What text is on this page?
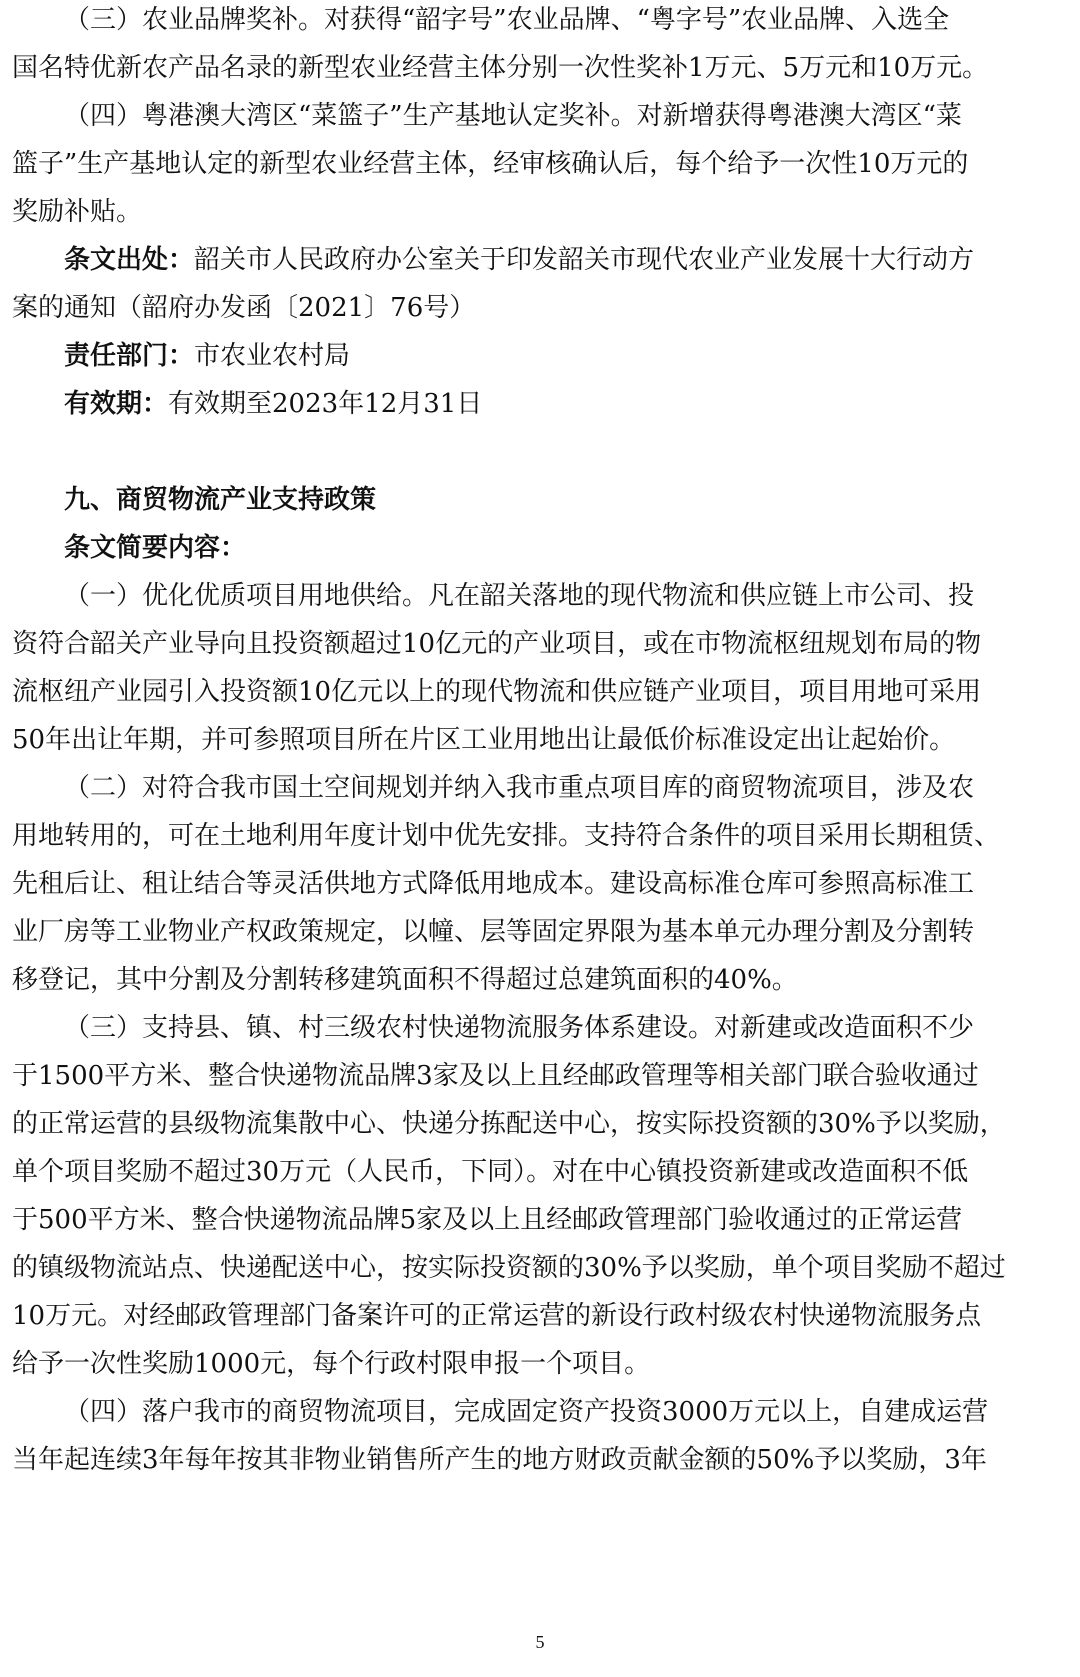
（三）农业品牌奖补。对获得“韶字号”农业品牌、“粤字号”农业品牌、入选全
国名特优新农产品名录的新型农业经营主体分别一次性奖补1万元、5万元和10万元。
（四）粤港澳大湾区“菜篮子”生产基地认定奖补。对新增获得粤港澳大湾区“菜
篮子”生产基地认定的新型农业经营主体，经审核确认后，每个给予一次性10万元的
奖励补贴。
条文出处：韶关市人民政府办公室关于印发韶关市现代农业产业发展十大行动方
案的通知（韶府办发函〔2021〕76号）
责任部门：市农业农村局
有效期：有效期至2023年12月31日
九、商贸物流产业支持政策
条文简要内容：
（一）优化优质项目用地供给。凡在韶关落地的现代物流和供应链上市公司、投
资符合韶关产业导向且投资额超过10亿元的产业项目，或在市物流枢纽规划布局的物
流枢纽产业园引入投资额10亿元以上的现代物流和供应链产业项目，项目用地可采用
50年出让年期，并可参照项目所在片区工业用地出让最低价标准设定出让起始价。
（二）对符合我市国土空间规划并纳入我市重点项目库的商贸物流项目，涉及农
用地转用的，可在土地利用年度计划中优先安排。支持符合条件的项目采用长期租赁、
先租后让、租让结合等灵活供地方式降低用地成本。建设高标准仓库可参照高标准工
业厂房等工业物业产权政策规定，以幢、层等固定界限为基本单元办理分割及分割转
移登记，其中分割及分割转移建筑面积不得超过总建筑面积的40%。
（三）支持县、镇、村三级农村快递物流服务体系建设。对新建或改造面积不少
于1500平方米、整合快递物流品牌3家及以上且经邮政管理等相关部门联合验收通过
的正常运营的县级物流集散中心、快递分拣配送中心，按实际投资额的30%予以奖励，
单个项目奖励不超过30万元（人民币，下同）。对在中心镇投资新建或改造面积不低
于500平方米、整合快递物流品牌5家及以上且经邮政管理部门验收通过的正常运营
的镇级物流站点、快递配送中心，按实际投资额的30%予以奖励，单个项目奖励不超过
10万元。对经邮政管理部门备案许可的正常运营的新设行政村级农村快递物流服务点
给予一次性奖励1000元，每个行政村限申报一个项目。
（四）落户我市的商贸物流项目，完成固定资产投资3000万元以上，自建成运营
当年起连续3年每年按其非物业销售所产生的地方财政贡献金额的50%予以奖励，3年
5
